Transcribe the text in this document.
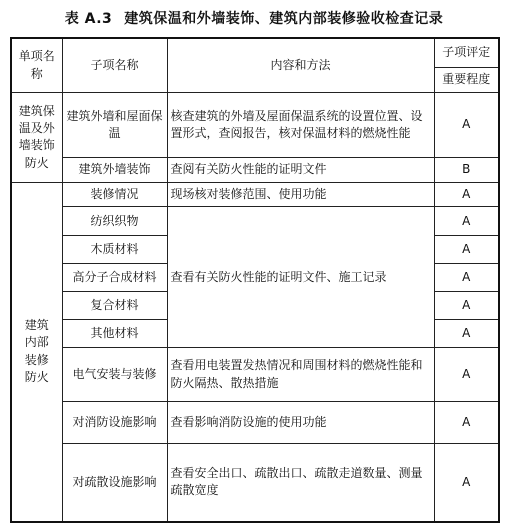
表 A.3 建筑保温和外墙装饰、建筑内部装修验收检查记录
单项名称	子项名称	内容和方法	子项评定
			重要程度
建筑保温及外墙装饰防火	建筑外墙和屋面保温	核查建筑的外墙及屋面保温系统的设置位置、设置形式，查阅报告，核对保温材料的燃烧性能	A
	建筑外墙装饰	查阅有关防火性能的证明文件	B
建筑内部装修防火	装修情况	现场核对装修范围、使用功能	A
	纺织织物	查看有关防火性能的证明文件、施工记录	A
	木质材料		A
	高分子合成材料		A
	复合材料		A
	其他材料		A
	电气安装与装修	查看用电装置发热情况和周围材料的燃烧性能和防火隔热、散热措施	A
	对消防设施影响	查看影响消防设施的使用功能	A
	对疏散设施影响	查看安全出口、疏散出口、疏散走道数量、测量疏散宽度	A
